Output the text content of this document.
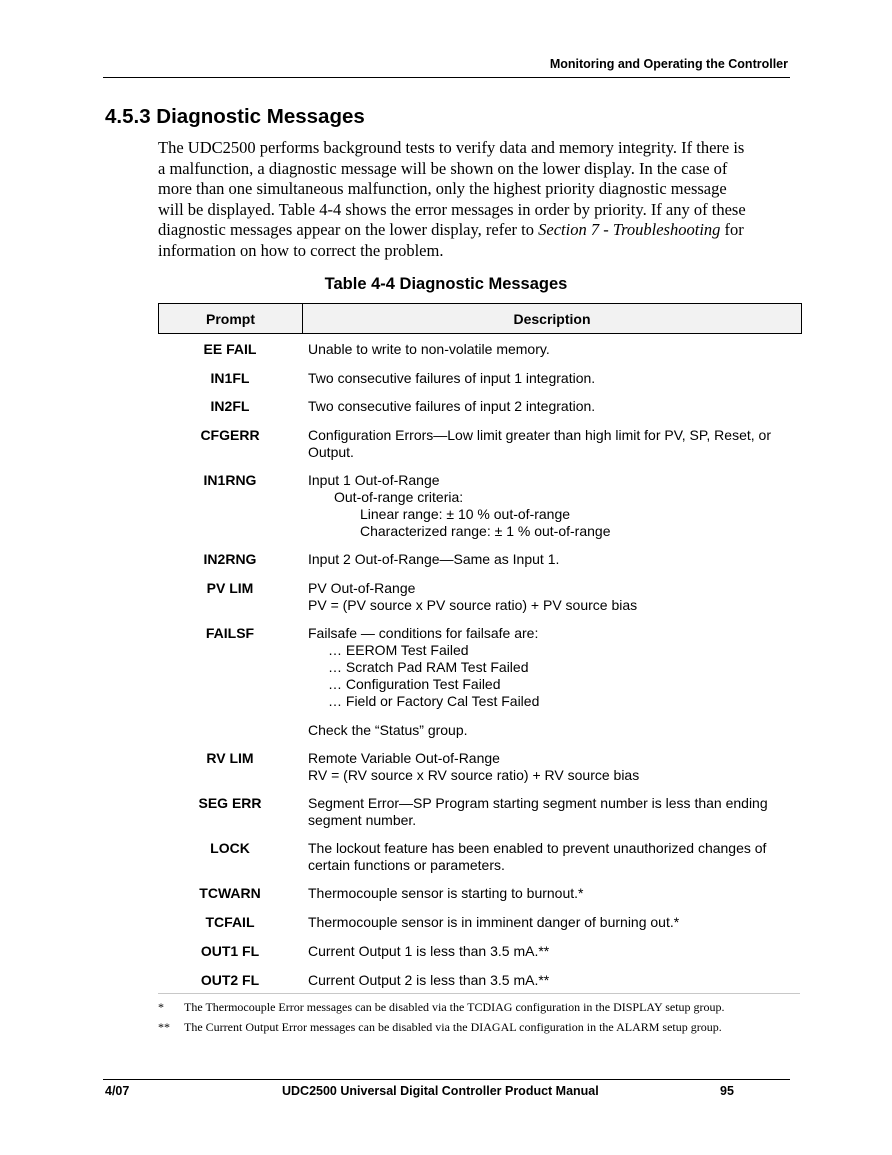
Monitoring and Operating the Controller
4.5.3 Diagnostic Messages
The UDC2500 performs background tests to verify data and memory integrity. If there is
a malfunction, a diagnostic message will be shown on the lower display. In the case of
more than one simultaneous malfunction, only the highest priority diagnostic message
will be displayed. Table 4-4 shows the error messages in order by priority. If any of these
diagnostic messages appear on the lower display, refer to Section 7 - Troubleshooting for
information on how to correct the problem.
Table 4-4 Diagnostic Messages
Prompt	Description
EE FAIL	Unable to write to non-volatile memory.
IN1FL	Two consecutive failures of input 1 integration.
IN2FL	Two consecutive failures of input 2 integration.
CFGERR	Configuration Errors—Low limit greater than high limit for PV, SP, Reset, or
Output.
IN1RNG	Input 1 Out-of-Range
Out-of-range criteria:
Linear range: ± 10 % out-of-range
Characterized range: ± 1 % out-of-range
IN2RNG	Input 2 Out-of-Range—Same as Input 1.
PV LIM	PV Out-of-Range
PV = (PV source x PV source ratio) + PV source bias
FAILSF	Failsafe — conditions for failsafe are:
… EEROM Test Failed
… Scratch Pad RAM Test Failed
… Configuration Test Failed
… Field or Factory Cal Test Failed
Check the “Status” group.
RV LIM	Remote Variable Out-of-Range
RV = (RV source x RV source ratio) + RV source bias
SEG ERR	Segment Error—SP Program starting segment number is less than ending
segment number.
LOCK	The lockout feature has been enabled to prevent unauthorized changes of
certain functions or parameters.
TCWARN	Thermocouple sensor is starting to burnout.*
TCFAIL	Thermocouple sensor is in imminent danger of burning out.*
OUT1 FL	Current Output 1 is less than 3.5 mA.**
OUT2 FL	Current Output 2 is less than 3.5 mA.**
* The Thermocouple Error messages can be disabled via the TCDIAG configuration in the DISPLAY setup group.
** The Current Output Error messages can be disabled via the DIAGAL configuration in the ALARM setup group.
4/07	UDC2500 Universal Digital Controller Product Manual	95
